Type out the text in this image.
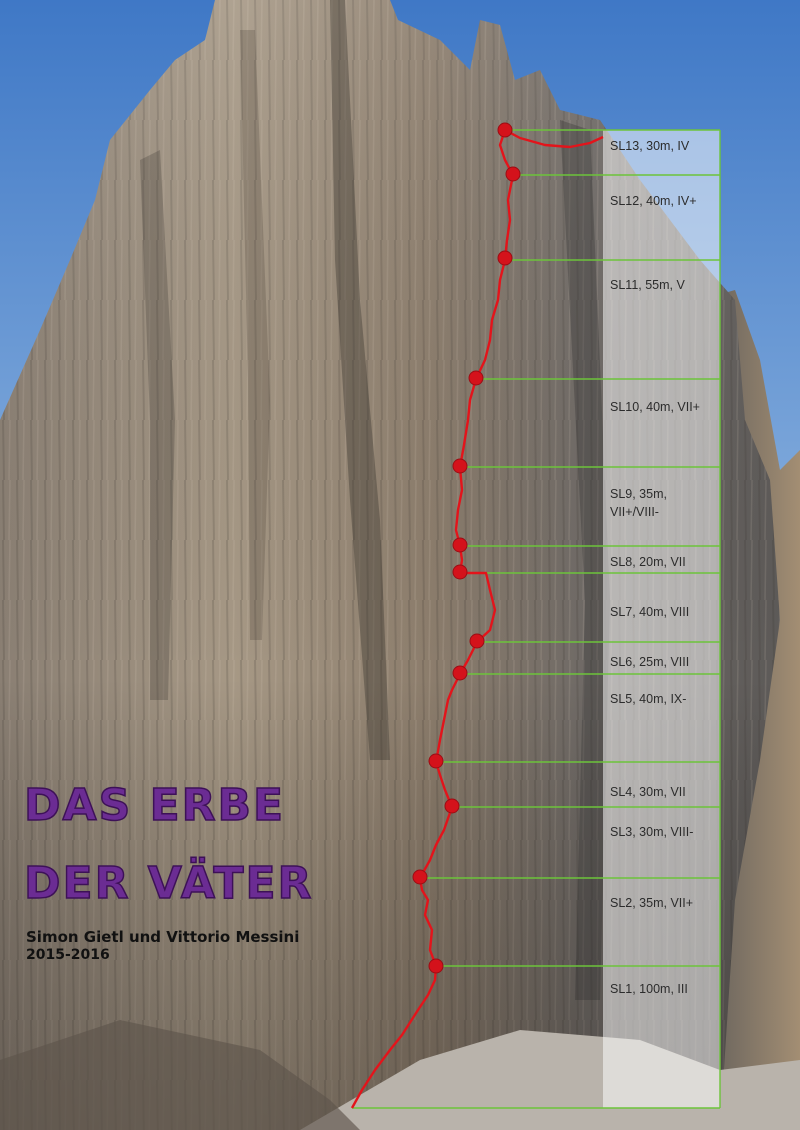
SL13, 30m, IV
SL12, 40m, IV+
SL11, 55m, V
SL10, 40m, VII+
SL9, 35m, VII+/VIII-
SL8, 20m, VII
SL7, 40m, VIII
SL6, 25m, VIII
SL5, 40m, IX-
SL4, 30m, VII
SL3, 30m, VIII-
SL2, 35m, VII+
SL1, 100m, III
DAS ERBE
DER VÄTER
Simon Gietl und Vittorio Messini
2015-2016
